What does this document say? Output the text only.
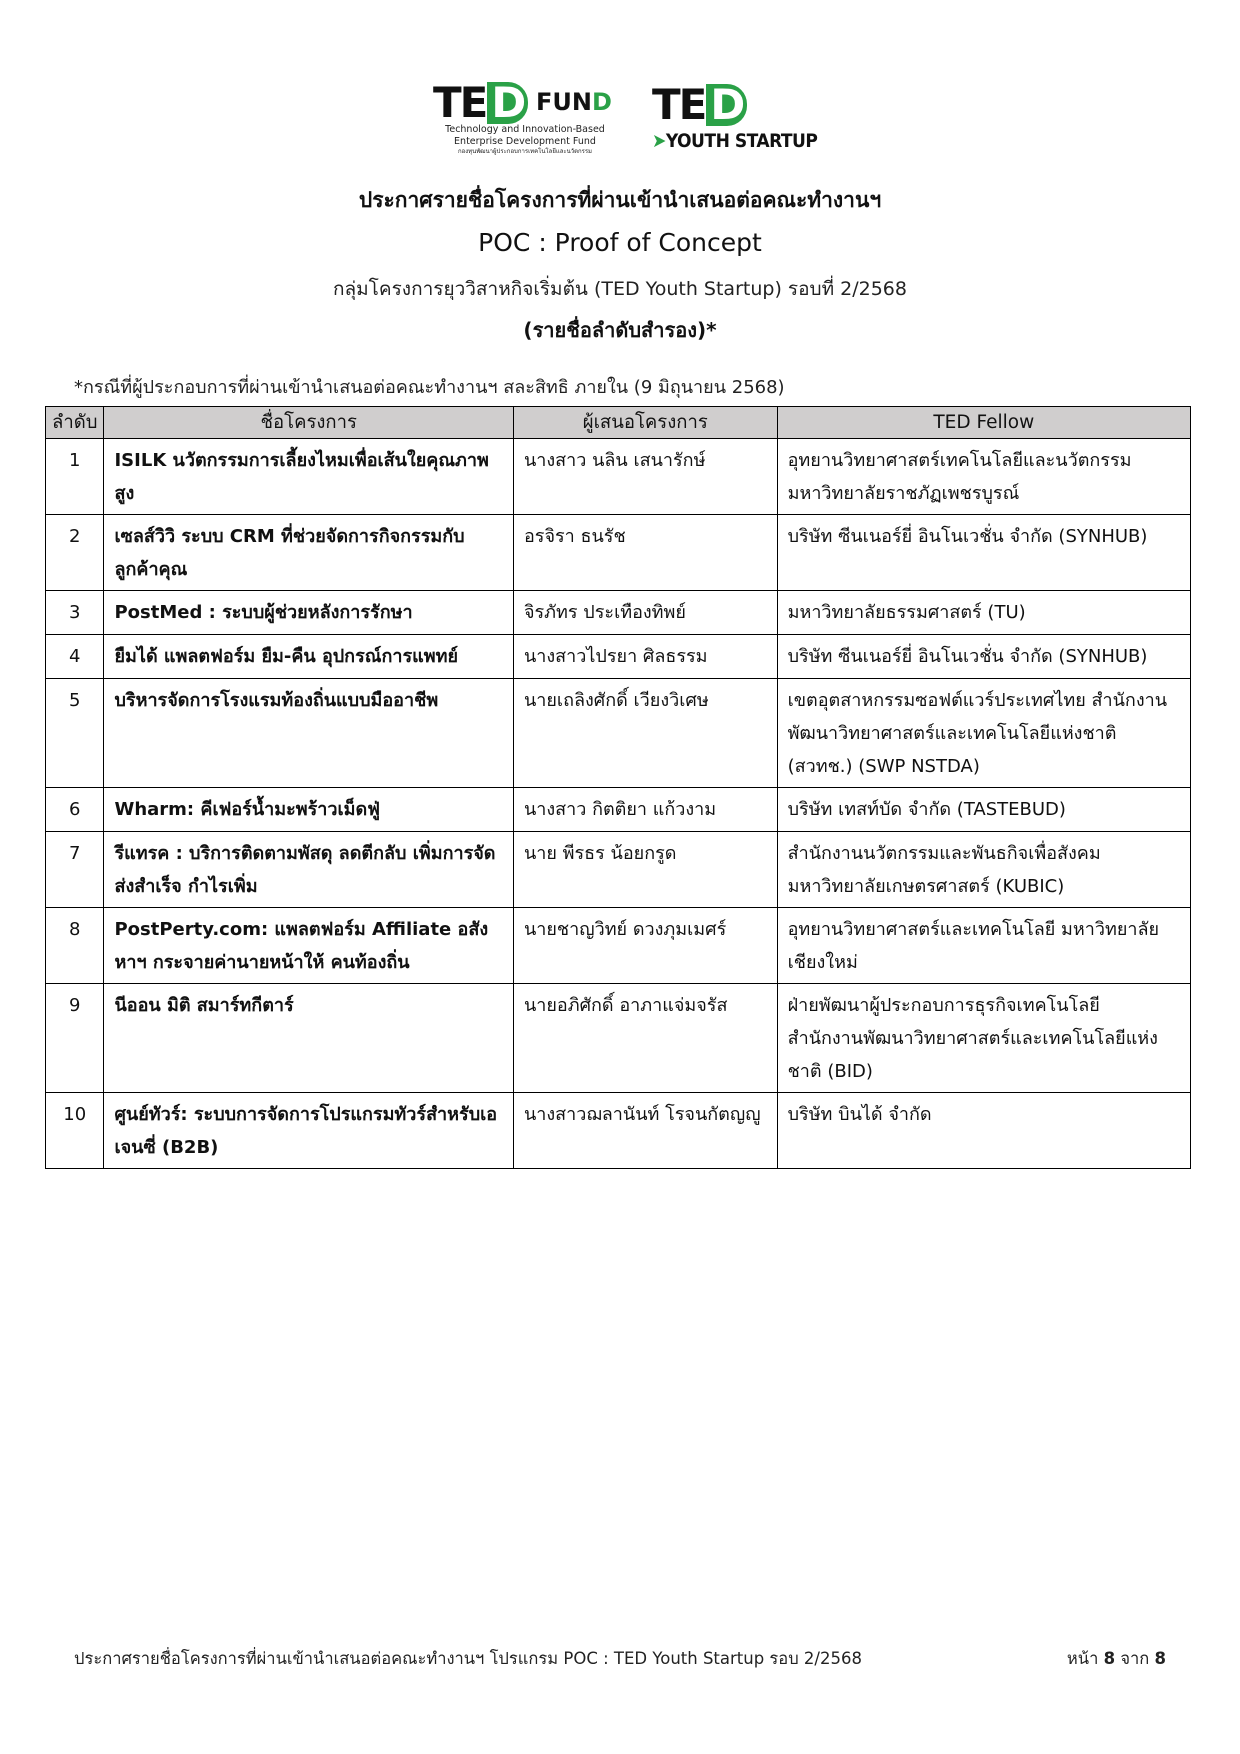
TE D FUND
Technology and Innovation-Based
Enterprise Development Fund
กองทุนพัฒนาผู้ประกอบการเทคโนโลยีและนวัตกรรม
TE D
➤YOUTH STARTUP
ประกาศรายชื่อโครงการที่ผ่านเข้านำเสนอต่อคณะทำงานฯ
POC : Proof of Concept
กลุ่มโครงการยุววิสาหกิจเริ่มต้น (TED Youth Startup) รอบที่ 2/2568
(รายชื่อลำดับสำรอง)*
*กรณีที่ผู้ประกอบการที่ผ่านเข้านำเสนอต่อคณะทำงานฯ สละสิทธิ ภายใน (9 มิถุนายน 2568)
ลำดับ	ชื่อโครงการ	ผู้เสนอโครงการ	TED Fellow
1	ISILK นวัตกรรมการเลี้ยงไหมเพื่อเส้นใยคุณภาพสูง	นางสาว นลิน เสนารักษ์	อุทยานวิทยาศาสตร์เทคโนโลยีและนวัตกรรม มหาวิทยาลัยราชภัฏเพชรบูรณ์
2	เซลส์วิวิ ระบบ CRM ที่ช่วยจัดการกิจกรรมกับลูกค้าคุณ	อรจิรา ธนรัช	บริษัท ซีนเนอร์ยี่ อินโนเวชั่น จำกัด (SYNHUB)
3	PostMed : ระบบผู้ช่วยหลังการรักษา	จิรภัทร ประเทืองทิพย์	มหาวิทยาลัยธรรมศาสตร์ (TU)
4	ยืมได้ แพลตฟอร์ม ยืม-คืน อุปกรณ์การแพทย์	นางสาวไปรยา ศิลธรรม	บริษัท ซีนเนอร์ยี่ อินโนเวชั่น จำกัด (SYNHUB)
5	บริหารจัดการโรงแรมท้องถิ่นแบบมืออาชีพ	นายเถลิงศักดิ์ เวียงวิเศษ	เขตอุตสาหกรรมซอฟต์แวร์ประเทศไทย สำนักงานพัฒนาวิทยาศาสตร์และเทคโนโลยีแห่งชาติ (สวทช.) (SWP NSTDA)
6	Wharm: คีเฟอร์น้ำมะพร้าวเม็ดฟู่	นางสาว กิตติยา แก้วงาม	บริษัท เทสท์บัด จำกัด (TASTEBUD)
7	รีแทรค : บริการติดตามพัสดุ ลดตีกลับ เพิ่มการจัดส่งสำเร็จ กำไรเพิ่ม	นาย พีรธร น้อยกรูด	สำนักงานนวัตกรรมและพันธกิจเพื่อสังคม มหาวิทยาลัยเกษตรศาสตร์ (KUBIC)
8	PostPerty.com: แพลตฟอร์ม Affiliate อสังหาฯ กระจายค่านายหน้าให้ คนท้องถิ่น	นายชาญวิทย์ ดวงภุมเมศร์	อุทยานวิทยาศาสตร์และเทคโนโลยี มหาวิทยาลัยเชียงใหม่
9	นีออน มิติ สมาร์ทกีตาร์	นายอภิศักดิ์ อาภาแจ่มจรัส	ฝ่ายพัฒนาผู้ประกอบการธุรกิจเทคโนโลยี สำนักงานพัฒนาวิทยาศาสตร์และเทคโนโลยีแห่งชาติ (BID)
10	ศูนย์ทัวร์: ระบบการจัดการโปรแกรมทัวร์สำหรับเอเจนซี่ (B2B)	นางสาวฌลานันท์ โรจนกัตญญู	บริษัท บินได้ จำกัด
ประกาศรายชื่อโครงการที่ผ่านเข้านำเสนอต่อคณะทำงานฯ โปรแกรม POC : TED Youth Startup รอบ 2/2568	หน้า 8 จาก 8
